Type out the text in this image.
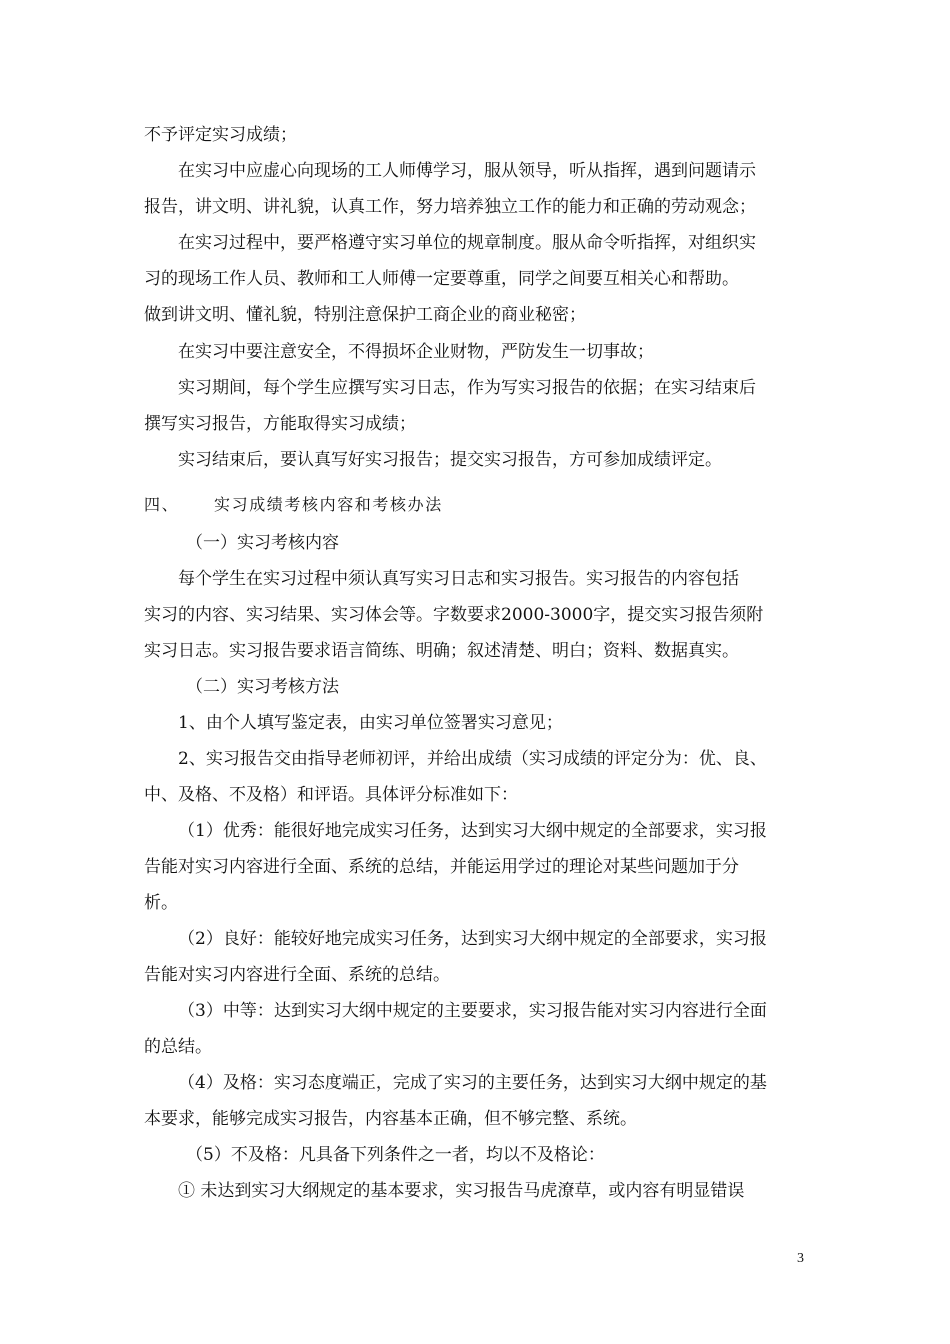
不予评定实习成绩；

在实习中应虚心向现场的工人师傅学习，服从领导，听从指挥，遇到问题请示

报告，讲文明、讲礼貌，认真工作，努力培养独立工作的能力和正确的劳动观念；

在实习过程中，要严格遵守实习单位的规章制度。服从命令听指挥，对组织实

习的现场工作人员、教师和工人师傅一定要尊重，同学之间要互相关心和帮助。

做到讲文明、懂礼貌，特别注意保护工商企业的商业秘密；

在实习中要注意安全，不得损坏企业财物，严防发生一切事故；

实习期间，每个学生应撰写实习日志，作为写实习报告的依据；在实习结束后

撰写实习报告，方能取得实习成绩；

实习结束后，要认真写好实习报告；提交实习报告，方可参加成绩评定。

四、 实习成绩考核内容和考核办法

（一）实习考核内容

每个学生在实习过程中须认真写实习日志和实习报告。实习报告的内容包括

实习的内容、实习结果、实习体会等。字数要求2000-3000字，提交实习报告须附

实习日志。实习报告要求语言简练、明确；叙述清楚、明白；资料、数据真实。

（二）实习考核方法

1、由个人填写鉴定表，由实习单位签署实习意见；

2、实习报告交由指导老师初评，并给出成绩（实习成绩的评定分为：优、良、

中、及格、不及格）和评语。具体评分标准如下：

（1）优秀：能很好地完成实习任务，达到实习大纲中规定的全部要求，实习报

告能对实习内容进行全面、系统的总结，并能运用学过的理论对某些问题加于分

析。

（2）良好：能较好地完成实习任务，达到实习大纲中规定的全部要求，实习报

告能对实习内容进行全面、系统的总结。

（3）中等：达到实习大纲中规定的主要要求，实习报告能对实习内容进行全面

的总结。

（4）及格：实习态度端正，完成了实习的主要任务，达到实习大纲中规定的基

本要求，能够完成实习报告，内容基本正确，但不够完整、系统。

（5）不及格：凡具备下列条件之一者，均以不及格论：

① 未达到实习大纲规定的基本要求，实习报告马虎潦草，或内容有明显错误

3
